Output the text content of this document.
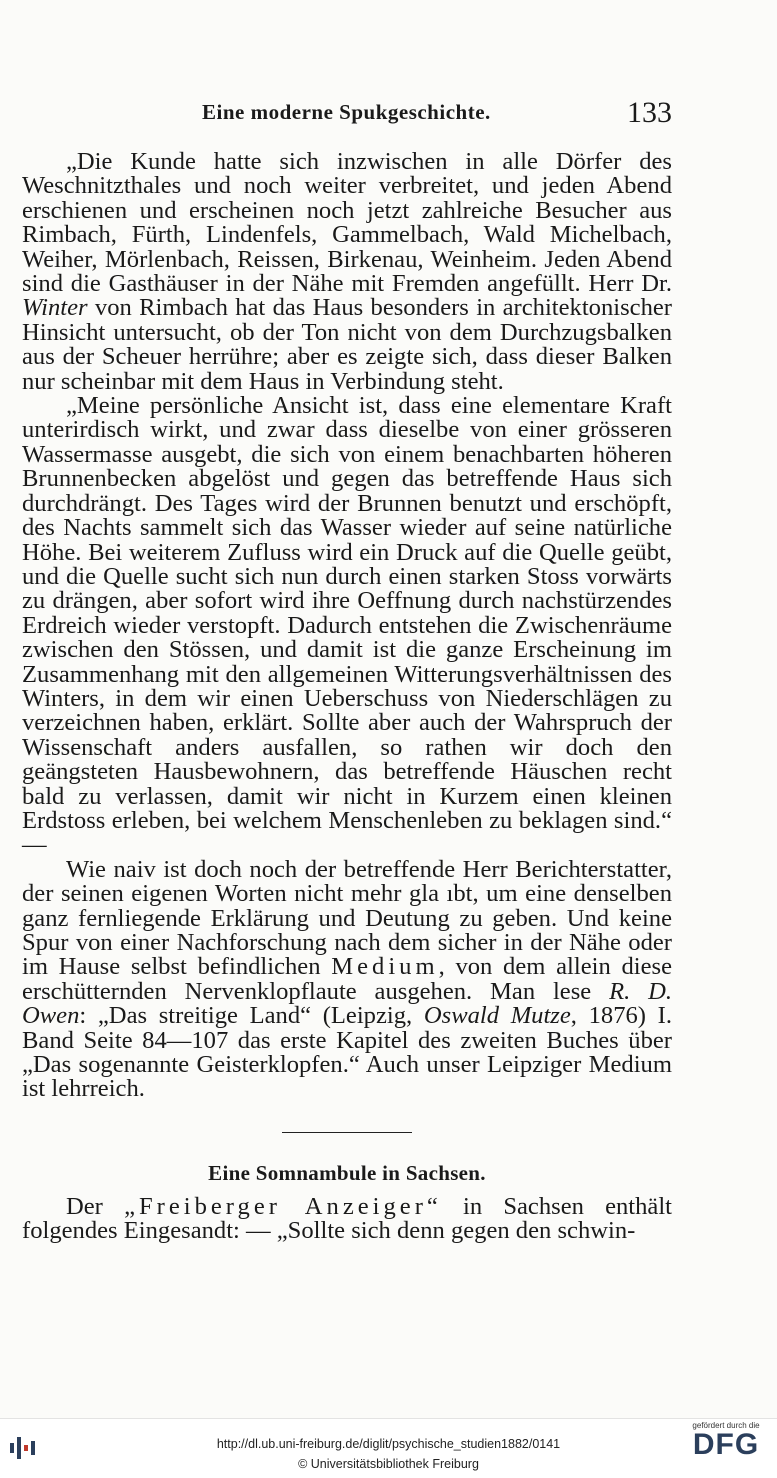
Eine moderne Spukgeschichte.	133

„Die Kunde hatte sich inzwischen in alle Dörfer des Weschnitzthales und noch weiter verbreitet, und jeden Abend erschienen und erscheinen noch jetzt zahlreiche Besucher aus Rimbach, Fürth, Lindenfels, Gammelbach, Wald Michelbach, Weiher, Mörlenbach, Reissen, Birkenau, Weinheim. Jeden Abend sind die Gasthäuser in der Nähe mit Fremden angefüllt. Herr Dr. Winter von Rimbach hat das Haus besonders in architektonischer Hinsicht untersucht, ob der Ton nicht von dem Durchzugsbalken aus der Scheuer herrühre; aber es zeigte sich, dass dieser Balken nur scheinbar mit dem Haus in Verbindung steht.

„Meine persönliche Ansicht ist, dass eine elementare Kraft unterirdisch wirkt, und zwar dass dieselbe von einer grösseren Wassermasse ausgebt, die sich von einem benachbarten höheren Brunnenbecken abgelöst und gegen das betreffende Haus sich durchdrängt. Des Tages wird der Brunnen benutzt und erschöpft, des Nachts sammelt sich das Wasser wieder auf seine natürliche Höhe. Bei weiterem Zufluss wird ein Druck auf die Quelle geübt, und die Quelle sucht sich nun durch einen starken Stoss vorwärts zu drängen, aber sofort wird ihre Oeffnung durch nachstürzendes Erdreich wieder verstopft. Dadurch entstehen die Zwischenräume zwischen den Stössen, und damit ist die ganze Erscheinung im Zusammenhang mit den allgemeinen Witterungsverhältnissen des Winters, in dem wir einen Ueberschuss von Niederschlägen zu verzeichnen haben, erklärt. Sollte aber auch der Wahrspruch der Wissenschaft anders ausfallen, so rathen wir doch den geängsteten Hausbewohnern, das betreffende Häuschen recht bald zu verlassen, damit wir nicht in Kurzem einen kleinen Erdstoss erleben, bei welchem Menschenleben zu beklagen sind.“ —

Wie naiv ist doch noch der betreffende Herr Berichterstatter, der seinen eigenen Worten nicht mehr gla ıbt, um eine denselben ganz fernliegende Erklärung und Deutung zu geben. Und keine Spur von einer Nachforschung nach dem sicher in der Nähe oder im Hause selbst befindlichen Medium, von dem allein diese erschütternden Nervenklopflaute ausgehen. Man lese R. D. Owen: „Das streitige Land“ (Leipzig, Oswald Mutze, 1876) I. Band Seite 84—107 das erste Kapitel des zweiten Buches über „Das sogenannte Geisterklopfen.“ Auch unser Leipziger Medium ist lehrreich.

Eine Somnambule in Sachsen.

Der „Freiberger Anzeiger“ in Sachsen enthält folgendes Eingesandt: — „Sollte sich denn gegen den schwin-

http://dl.ub.uni-freiburg.de/diglit/psychische_studien1882/0141
© Universitätsbibliothek Freiburg
gefördert durch die
DFG
